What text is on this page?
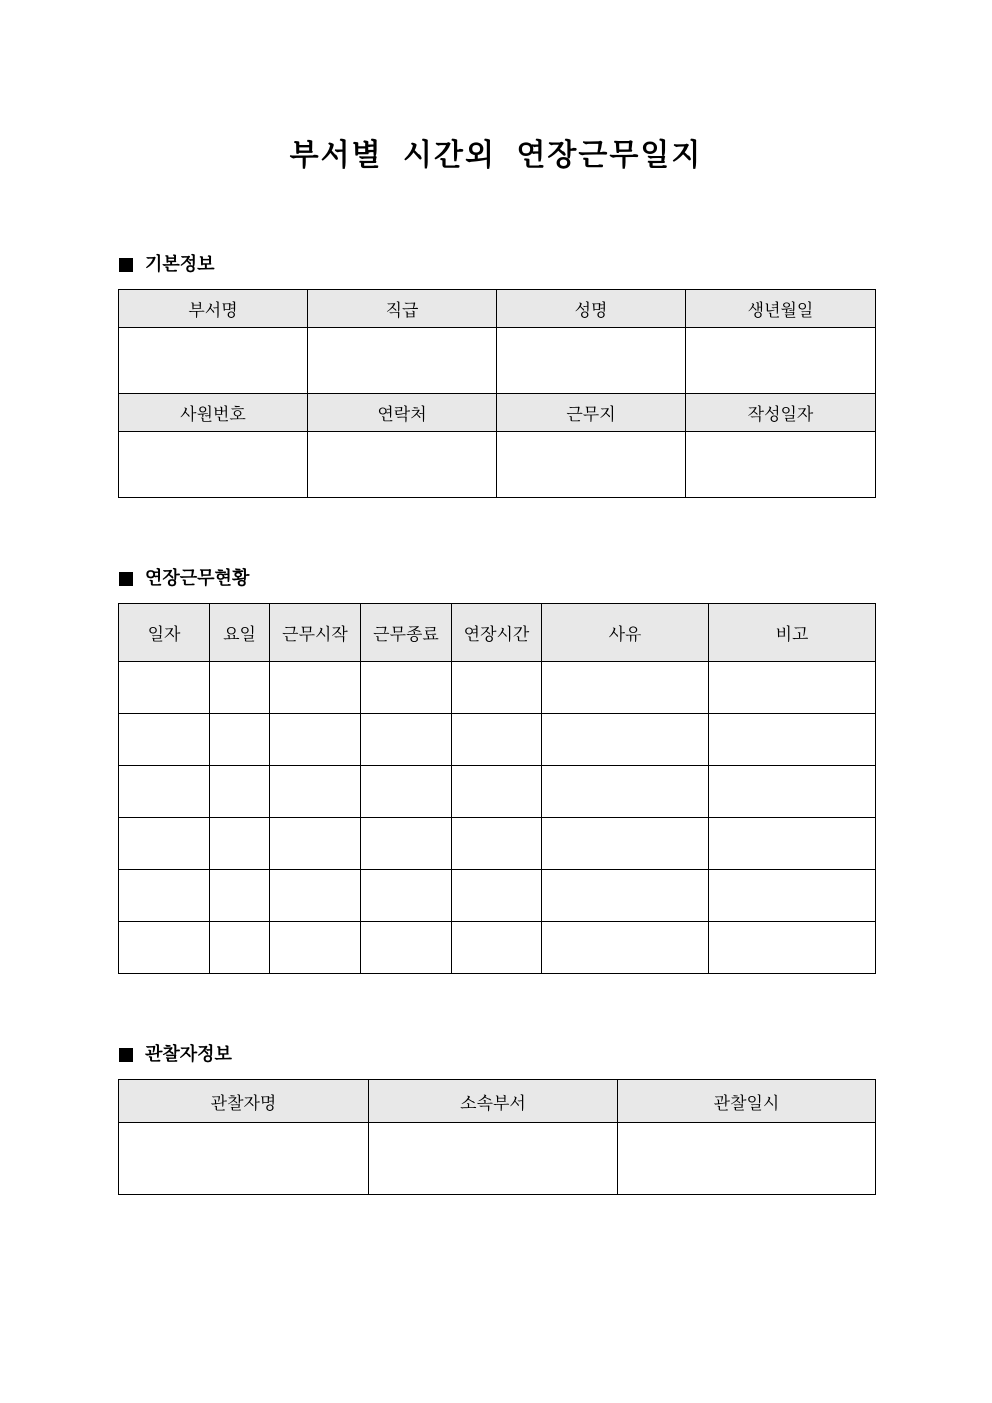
부서별 시간외 연장근무일지
기본정보
부서명	직급	성명	생년월일

사원번호	연락처	근무지	작성일자

연장근무현황
일자	요일	근무시작	근무종료	연장시간	사유	비고

관찰자정보
관찰자명	소속부서	관찰일시
